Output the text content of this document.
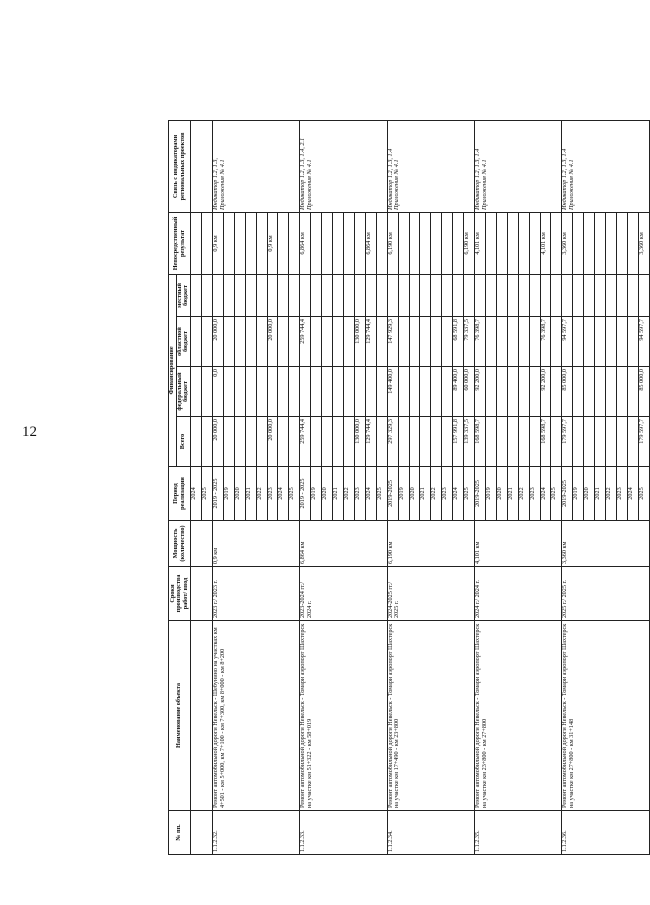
12
№ пп.	Наименование объекта	Сроки производства работ/ ввод	Мощность (количество)	Период реализации	Финансирование				Непосредственный результат	Связь с индикаторами региональных проектов
					Всего	федеральный бюджет	областной бюджет	местный бюджет		
				2024						
				2025						
1.1.2.32.	Ремонт автомобильной дороги Невельск - Шебунино на участках км 4+501 - км 5+000, км 7+100 - км 7+300, км 8+000 - км 8+200	2023 г./ 2023 г.	0,9 км	2019 - 2025	20 000,0	0,0	20 000,0		0,9 км	Индикатор 1.2, 1.3, Приложения № 4.1
				2019						
				2020						
				2021						
				2022						
				2023	20 000,0		20 000,0		0,9 км	
				2024						
				2025						
1.1.2.33.	Ремонт автомобильной дороги Невельск - Томари аэропорт Шахтерск на участке км 51+322 - км 58+019	2023-2024 гг./ 2024 г.	6,864 км	2019 - 2025	259 744,4		259 744,4		6,864 км	Индикатор 1.2, 1.3, 1.4, 2.1 Приложения № 4.1
				2019						
				2020						
				2021						
				2022						
				2023	130 000,0		130 000,0			
				2024	129 744,4		129 744,4		6,864 км	
				2025						
1.1.2.34.	Ремонт автомобильной дороги Невельск - Томари аэропорт Шахтерск на участке км 17+490 - км 23+800	2024-2025 гг./ 2025 г.	6,190 км	2019-2025	297 329,3	149 400,0	147 929,3		6,190 км	Индикатор 1.2, 1.3, 1.4 Приложения № 4.1
				2019						
				2020						
				2021						
				2022						
				2023						
				2024	157 991,8	89 400,0	68 591,8			
				2025	139 337,5	60 000,0	79 337,5		6,190 км	
1.1.2.35.	Ремонт автомобильной дороги Невельск - Томари аэропорт Шахтерск на участке км 23+800 - км 27+800	2024 г./ 2024 г.	4,101 км	2019-2025	168 598,7	92 200,0	76 398,7		4,101 км	Индикатор 1.2, 1.3, 1.4 Приложения № 4.1
				2019						
				2020						
				2021						
				2022						
				2023						
				2024	168 598,7	92 200,0	76 398,7		4,101 км	
				2025						
1.1.2.36.	Ремонт автомобильной дороги Невельск - Томари аэропорт Шахтерск на участке км 27+800 - км 31+148	2025 г./ 2025 г.	3,360 км	2019-2025	179 597,7	85 000,0	94 597,7		3,360 км	Индикатор 1.2, 1.3, 1.4 Приложения № 4.1
				2019						
				2020						
				2021						
				2022						
				2023						
				2024						
				2025	179 597,7	85 000,0	94 597,7		3,360 км	
